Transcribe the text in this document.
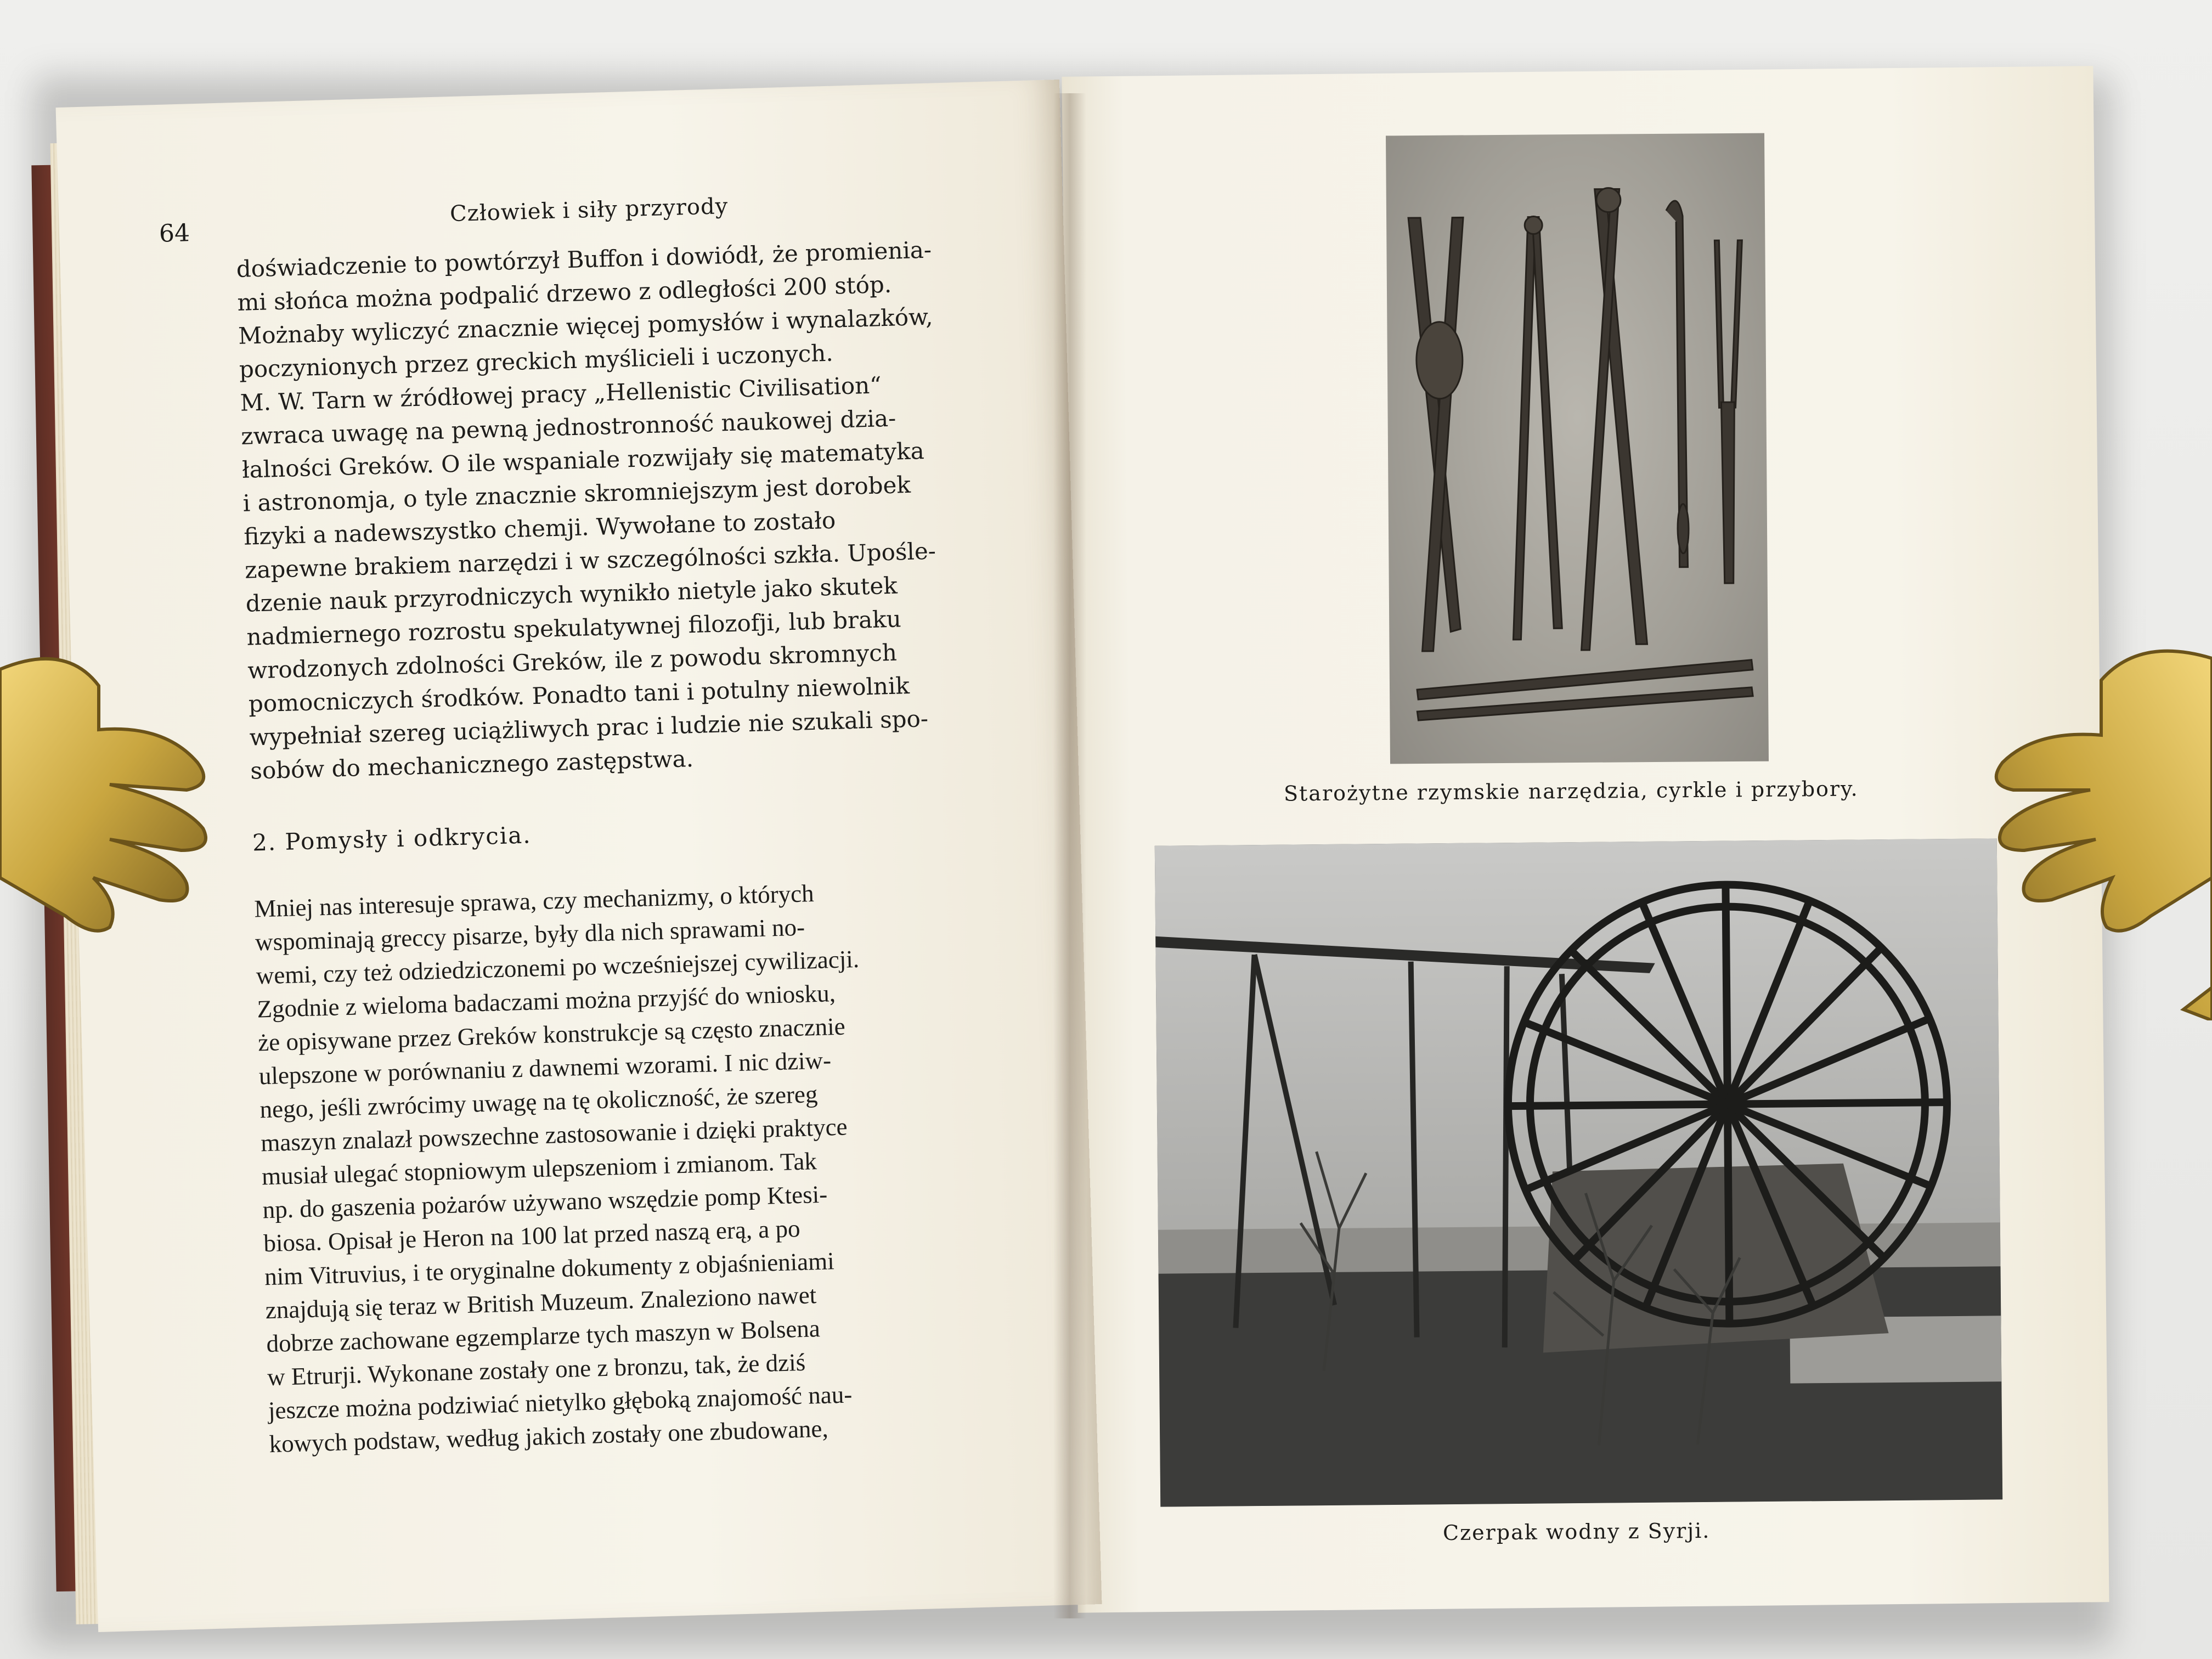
64
Człowiek i siły przyrody

doświadczenie to powtórzył Buffon i dowiódł, że promienia-
mi słońca można podpalić drzewo z odległości 200 stóp.
Możnaby wyliczyć znacznie więcej pomysłów i wynalazków,
poczynionych przez greckich myślicieli i uczonych.

M. W. Tarn w źródłowej pracy „Hellenistic Civilisation“
zwraca uwagę na pewną jednostronność naukowej dzia-
łalności Greków. O ile wspaniale rozwijały się matematyka
i astronomja, o tyle znacznie skromniejszym jest dorobek
fizyki a nadewszystko chemji. Wywołane to zostało
zapewne brakiem narzędzi i w szczególności szkła. Upośle-
dzenie nauk przyrodniczych wynikło nietyle jako skutek
nadmiernego rozrostu spekulatywnej filozofji, lub braku
wrodzonych zdolności Greków, ile z powodu skromnych
pomocniczych środków. Ponadto tani i potulny niewolnik
wypełniał szereg uciążliwych prac i ludzie nie szukali spo-
sobów do mechanicznego zastępstwa.

2. Pomysły i odkrycia.

Mniej nas interesuje sprawa, czy mechanizmy, o których
wspominają greccy pisarze, były dla nich sprawami no-
wemi, czy też odziedziczonemi po wcześniejszej cywilizacji.
Zgodnie z wieloma badaczami można przyjść do wniosku,
że opisywane przez Greków konstrukcje są często znacznie
ulepszone w porównaniu z dawnemi wzorami. I nic dziw-
nego, jeśli zwrócimy uwagę na tę okoliczność, że szereg
maszyn znalazł powszechne zastosowanie i dzięki praktyce
musiał ulegać stopniowym ulepszeniom i zmianom. Tak
np. do gaszenia pożarów używano wszędzie pomp Ktesi-
biosa. Opisał je Heron na 100 lat przed naszą erą, a po
nim Vitruvius, i te oryginalne dokumenty z objaśnieniami
znajdują się teraz w British Muzeum. Znaleziono nawet
dobrze zachowane egzemplarze tych maszyn w Bolsena
w Etrurji. Wykonane zostały one z bronzu, tak, że dziś
jeszcze można podziwiać nietylko głęboką znajomość nau-
kowych podstaw, według jakich zostały one zbudowane,

Starożytne rzymskie narzędzia, cyrkle i przybory.
Czerpak wodny z Syrji.
